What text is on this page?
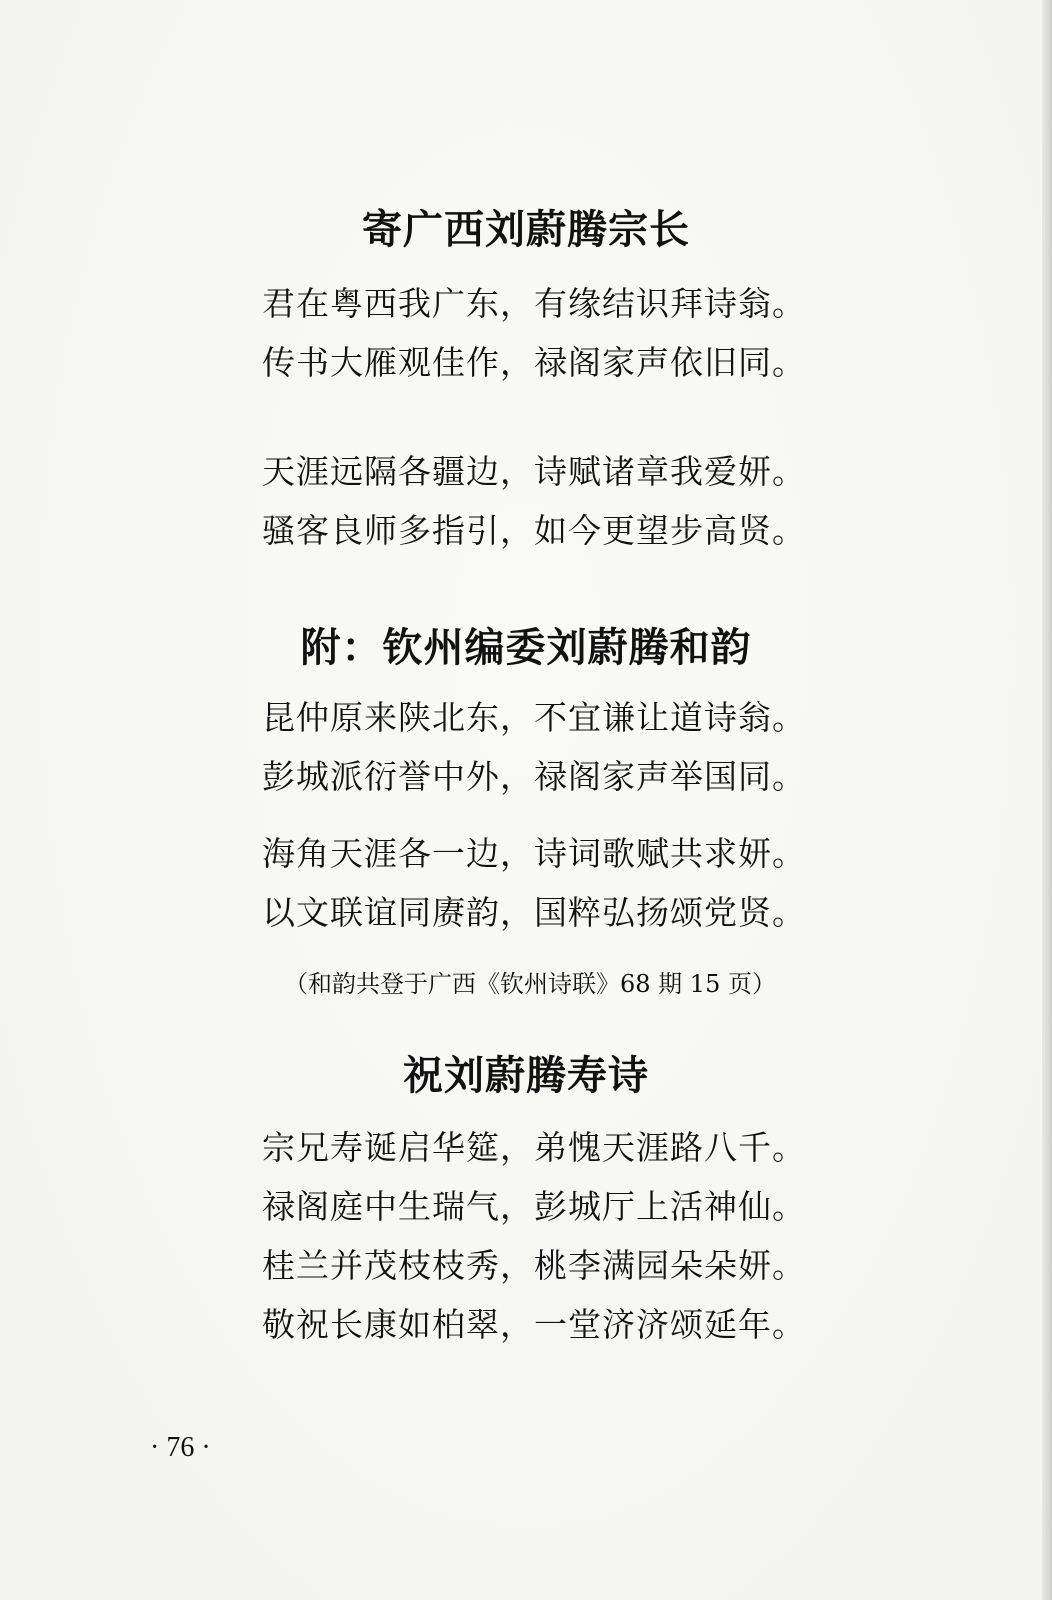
寄广西刘蔚腾宗长
君在粤西我广东，有缘结识拜诗翁。
传书大雁观佳作，禄阁家声依旧同。
天涯远隔各疆边，诗赋诸章我爱妍。
骚客良师多指引，如今更望步高贤。
附：钦州编委刘蔚腾和韵
昆仲原来陕北东，不宜谦让道诗翁。
彭城派衍誉中外，禄阁家声举国同。
海角天涯各一边，诗词歌赋共求妍。
以文联谊同赓韵，国粹弘扬颂党贤。

（和韵共登于广西《钦州诗联》68 期 15 页）

祝刘蔚腾寿诗
宗兄寿诞启华筵，弟愧天涯路八千。
禄阁庭中生瑞气，彭城厅上活神仙。
桂兰并茂枝枝秀，桃李满园朵朵妍。
敬祝长康如柏翠，一堂济济颂延年。

· 76 ·
